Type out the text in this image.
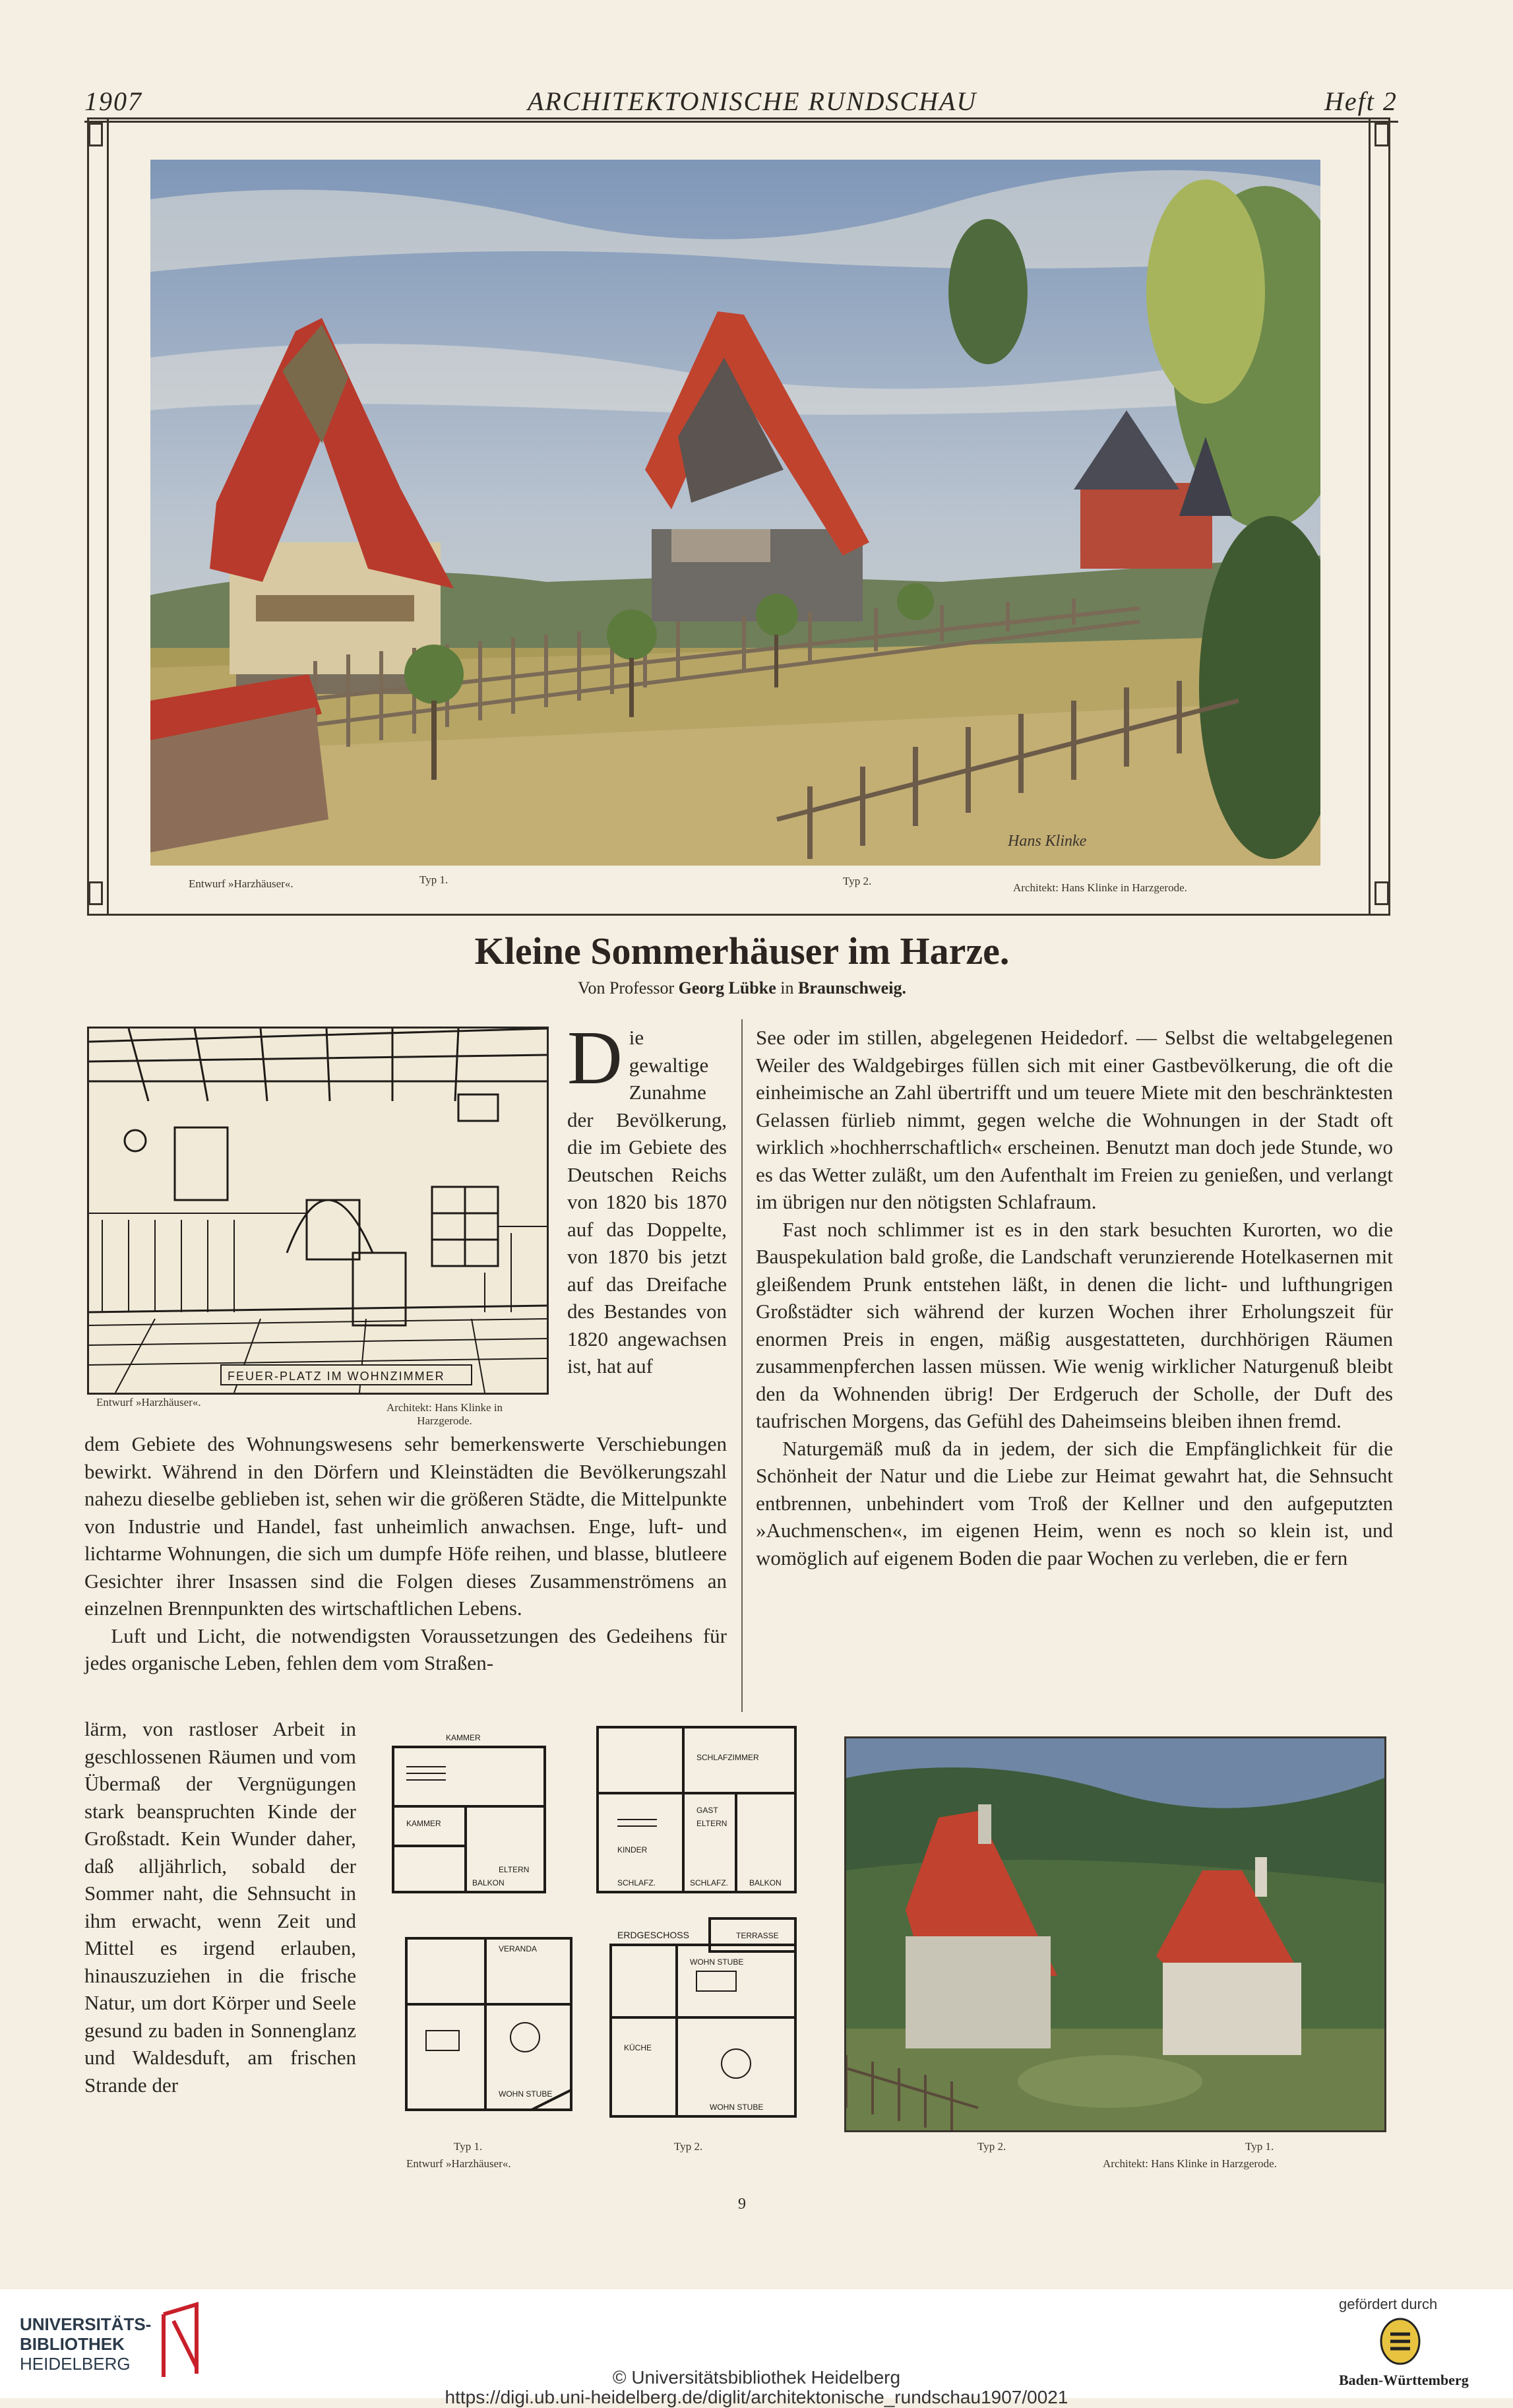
1907	ARCHITEKTONISCHE RUNDSCHAU	Heft 2
Hans Klinke
Entwurf »Harzhäuser«.	Typ 1.	Typ 2.
Architekt: Hans Klinke in Harzgerode.
Kleine Sommerhäuser im Harze.
Von Professor Georg Lübke in Braunschweig.
FEUER-PLATZ IM WOHNZIMMER
Entwurf »Harzhäuser«.	Architekt: Hans Klinke in Harzgerode.
Die gewaltige Zunahme der Bevölkerung, die im Gebiete des Deutschen Reichs von 1820 bis 1870 auf das Doppelte, von 1870 bis jetzt auf das Dreifache des Bestandes von 1820 angewachsen ist, hat auf

dem Gebiete des Wohnungswesens sehr bemerkenswerte Verschiebungen bewirkt. Während in den Dörfern und Kleinstädten die Bevölkerungszahl nahezu dieselbe geblieben ist, sehen wir die größeren Städte, die Mittelpunkte von Industrie und Handel, fast unheimlich anwachsen. Enge, luft- und lichtarme Wohnungen, die sich um dumpfe Höfe reihen, und blasse, blutleere Gesichter ihrer Insassen sind die Folgen dieses Zusammenströmens an einzelnen Brennpunkten des wirtschaftlichen Lebens.

Luft und Licht, die notwendigsten Voraussetzungen des Gedeihens für jedes organische Leben, fehlen dem vom Straßen-

lärm, von rastloser Arbeit in geschlossenen Räumen und vom Übermaß der Vergnügungen stark beanspruchten Kinde der Großstadt. Kein Wunder daher, daß alljährlich, sobald der Sommer naht, die Sehnsucht in ihm erwacht, wenn Zeit und Mittel es irgend erlauben, hinauszuziehen in die frische Natur, um dort Körper und Seele gesund zu baden in Sonnenglanz und Waldesduft, am frischen Strande der

See oder im stillen, abgelegenen Heidedorf. — Selbst die weltabgelegenen Weiler des Waldgebirges füllen sich mit einer Gastbevölkerung, die oft die einheimische an Zahl übertrifft und um teuere Miete mit den beschränktesten Gelassen fürlieb nimmt, gegen welche die Wohnungen in der Stadt oft wirklich »hochherrschaftlich« erscheinen. Benutzt man doch jede Stunde, wo es das Wetter zuläßt, um den Aufenthalt im Freien zu genießen, und verlangt im übrigen nur den nötigsten Schlafraum.

Fast noch schlimmer ist es in den stark besuchten Kurorten, wo die Bauspekulation bald große, die Landschaft verunzierende Hotelkasernen mit gleißendem Prunk entstehen läßt, in denen die licht- und lufthungrigen Großstädter sich während der kurzen Wochen ihrer Erholungszeit für enormen Preis in engen, mäßig ausgestatteten, durchhörigen Räumen zusammenpferchen lassen müssen. Wie wenig wirklicher Naturgenuß bleibt den da Wohnenden übrig! Der Erdgeruch der Scholle, der Duft des taufrischen Morgens, das Gefühl des Daheimseins bleiben ihnen fremd.

Naturgemäß muß da in jedem, der sich die Empfänglichkeit für die Schönheit der Natur und die Liebe zur Heimat gewahrt hat, die Sehnsucht entbrennen, unbehindert vom Troß der Kellner und den aufgeputzten »Auchmenschen«, im eigenen Heim, wenn es noch so klein ist, und womöglich auf eigenem Boden die paar Wochen zu verleben, die er fern

KAMMER
KAMMER
BALKON
ELTERN
SCHLAFZIMMER
GAST
ELTERN
KINDER
SCHLAFZ.	SCHLAFZ.	BALKON
VERANDA
WOHN STUBE
ERDGESCHOSS	TERRASSE
WOHN STUBE
KÜCHE
WOHN STUBE
Typ 1.	Typ 2.
Entwurf »Harzhäuser«.
Typ 2.	Typ 1.
Architekt: Hans Klinke in Harzgerode.
9
UNIVERSITÄTS-
BIBLIOTHEK
HEIDELBERG
© Universitätsbibliothek Heidelberg
https://digi.ub.uni-heidelberg.de/diglit/architektonische_rundschau1907/0021
gefördert durch
Baden-Württemberg
